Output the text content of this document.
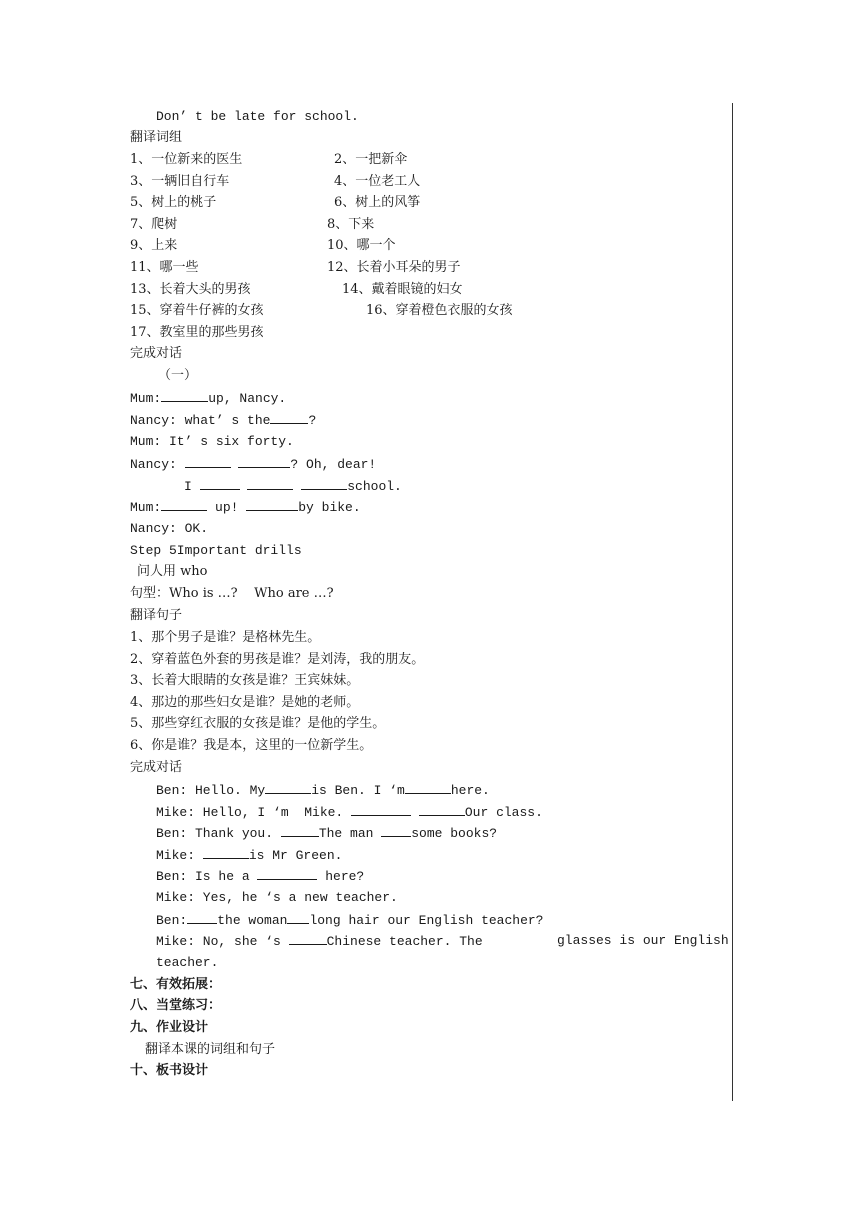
Don’ t be late for school.
翻译词组
1、一位新来的医生	2、一把新伞
3、一辆旧自行车	4、一位老工人
5、树上的桃子	6、树上的风筝
7、爬树	8、下来
9、上来	10、哪一个
11、哪一些	12、长着小耳朵的男子
13、长着大头的男孩	14、戴着眼镜的妇女
15、穿着牛仔裤的女孩	16、穿着橙色衣服的女孩
17、教室里的那些男孩
完成对话
（一）
Mum:	up, Nancy.
Nancy: what’ s the	?
Mum: It’ s six forty.
Nancy:	? Oh, dear!
I	school.
Mum:	up!	by bike.
Nancy: OK.
Step 5Important drills
问人用 who
句型：Who is …?    Who are …?
翻译句子
1、那个男子是谁？是格林先生。
2、穿着蓝色外套的男孩是谁？是刘涛，我的朋友。
3、长着大眼睛的女孩是谁？王宾妹妹。
4、那边的那些妇女是谁？是她的老师。
5、那些穿红衣服的女孩是谁？是他的学生。
6、你是谁？我是本，这里的一位新学生。
完成对话
Ben: Hello. My	is Ben. I ‘m	here.
Mike: Hello, I ‘m  Mike.	Our class.
Ben: Thank you.	The man some books?
Mike:	is Mr Green.
Ben: Is he a	here?
Mike: Yes, he ‘s a new teacher.
Ben: the woman long hair our English teacher?
Mike: No, she ‘s	Chinese teacher. The	glasses is our English
teacher.
七、有效拓展：
八、当堂练习：
九、作业设计
翻译本课的词组和句子
十、板书设计
